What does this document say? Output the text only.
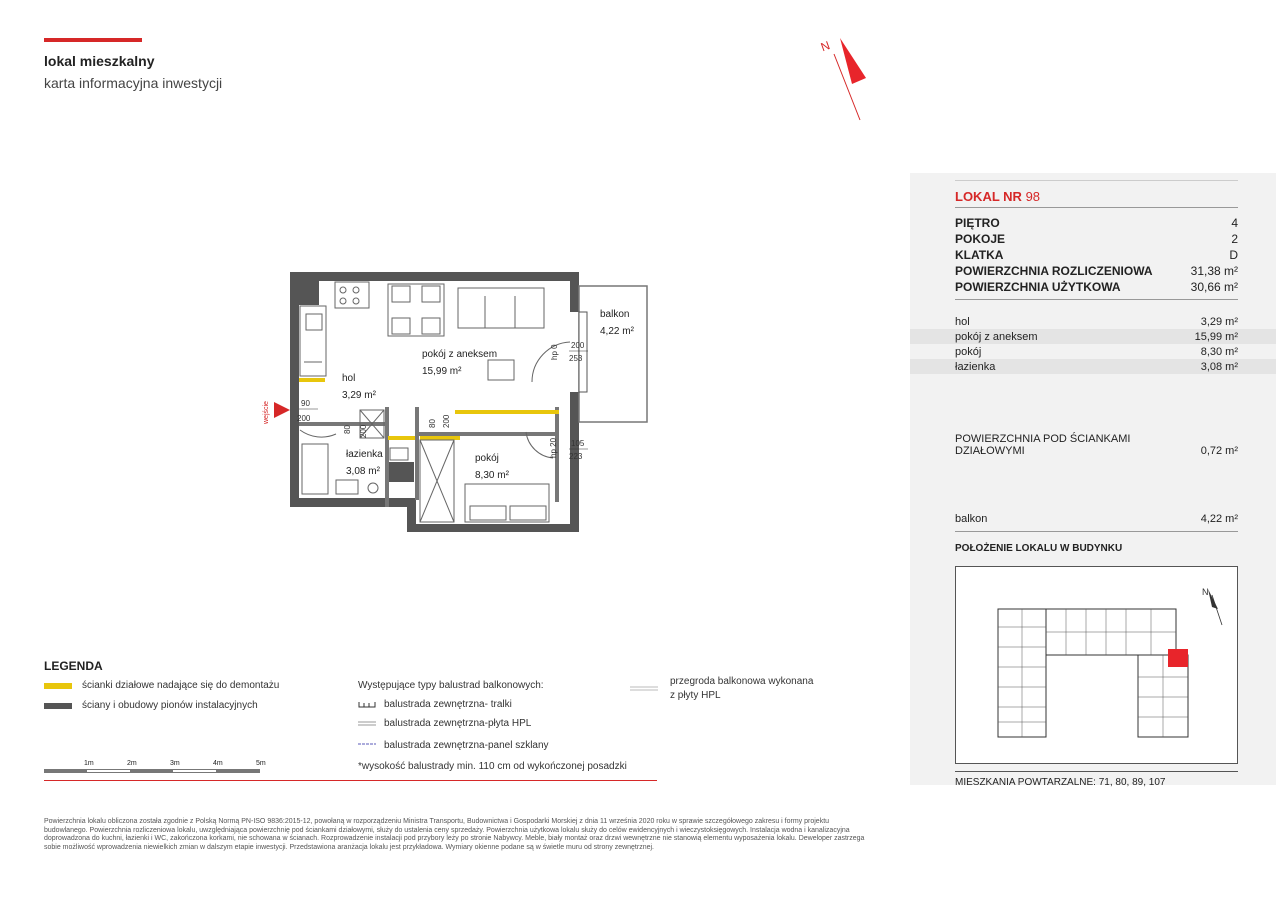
lokal mieszkalny
karta informacyjna inwestycji
N
wejście
balkon
4,22 m²
pokój z aneksem
15,99 m²
hol
3,29 m²
łazienka
3,08 m²
pokój
8,30 m²
90
200
80 200
80 200
hp 0 200
253
hp 20 105
223
LOKAL NR 98
PIĘTRO	4
POKOJE	2
KLATKA	D
POWIERZCHNIA ROZLICZENIOWA	31,38 m²
POWIERZCHNIA UŻYTKOWA	30,66 m²
hol	3,29 m²
pokój z aneksem	15,99 m²
pokój	8,30 m²
łazienka	3,08 m²
POWIERZCHNIA POD ŚCIANKAMI
DZIAŁOWYMI	0,72 m²
balkon	4,22 m²
POŁOŻENIE LOKALU W BUDYNKU
N
MIESZKANIA POWTARZALNE: 71, 80, 89, 107
LEGENDA
ścianki działowe nadające się do demontażu
ściany i obudowy pionów instalacyjnych
Występujące typy balustrad balkonowych:
balustrada zewnętrzna- tralki
balustrada zewnętrzna-płyta HPL
balustrada zewnętrzna-panel szklany
*wysokość balustrady min. 110 cm od wykończonej posadzki
przegroda balkonowa wykonana
z płyty HPL
1m	2m	3m	4m	5m
Powierzchnia lokalu obliczona została zgodnie z Polską Normą PN-ISO 9836:2015-12, powołaną w rozporządzeniu Ministra Transportu, Budownictwa i Gospodarki Morskiej z dnia 11 września 2020 roku w sprawie szczegółowego zakresu i formy projektu budowlanego. Powierzchnia rozliczeniowa lokalu, uwzględniająca powierzchnię pod ściankami działowymi, służy do ustalenia ceny sprzedaży. Powierzchnia użytkowa lokalu służy do celów ewidencyjnych i wieczystoksięgowych. Instalacja wodna i kanalizacyjna doprowadzona do kuchni, łazienki i WC, zakończona korkami, nie schowana w ścianach. Rozprowadzenie instalacji pod przybory leży po stronie Nabywcy. Meble, biały montaż oraz drzwi wewnętrzne nie stanowią elementu wyposażenia lokalu. Deweloper zastrzega sobie możliwość wprowadzenia niewielkich zmian w dalszym etapie inwestycji. Przedstawiona aranżacja lokalu jest przykładowa. Wymiary okienne podane są w świetle muru od strony zewnętrznej.
